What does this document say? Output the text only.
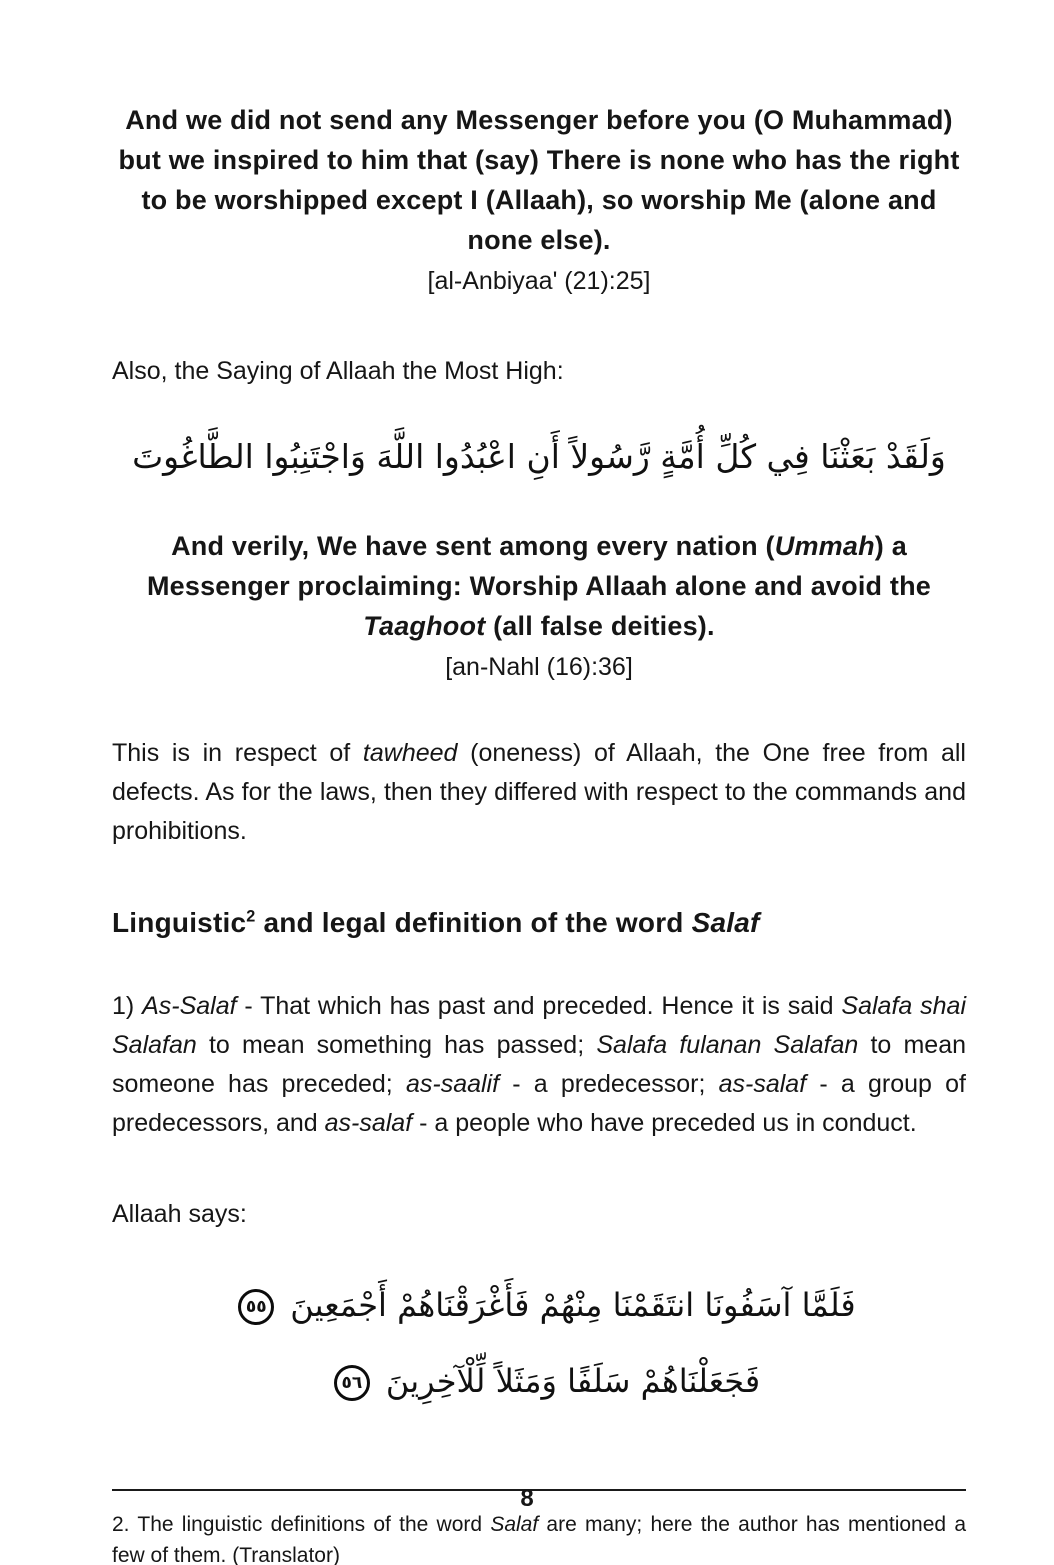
And we did not send any Messenger before you (O Muhammad) but we inspired to him that (say) There is none who has the right to be worshipped except I (Allaah), so worship Me (alone and none else).
[al-Anbiyaa' (21):25]
Also, the Saying of Allaah the Most High:
وَلَقَدْ بَعَثْنَا فِي كُلِّ أُمَّةٍ رَّسُولاً أَنِ اعْبُدُوا اللَّهَ وَاجْتَنِبُوا الطَّاغُوتَ
And verily, We have sent among every nation (Ummah) a Messenger proclaiming: Worship Allaah alone and avoid the Taaghoot (all false deities).
[an-Nahl (16):36]
This is in respect of tawheed (oneness) of Allaah, the One free from all defects. As for the laws, then they differed with respect to the commands and prohibitions.
Linguistic$^2$ and legal definition of the word Salaf
1) As-Salaf - That which has past and preceded. Hence it is said Salafa shai Salafan to mean something has passed; Salafa fulanan Salafan to mean someone has preceded; as-saalif - a predecessor; as-salaf - a group of predecessors, and as-salaf - a people who have preceded us in conduct.
Allaah says:
فَلَمَّا آسَفُونَا انتَقَمْنَا مِنْهُمْ فَأَغْرَقْنَاهُمْ أَجْمَعِينَ٥٥
فَجَعَلْنَاهُمْ سَلَفًا وَمَثَلاً لِّلْآخِرِينَ٥٦
2. The linguistic definitions of the word Salaf are many; here the author has mentioned a few of them. (Translator)
8
